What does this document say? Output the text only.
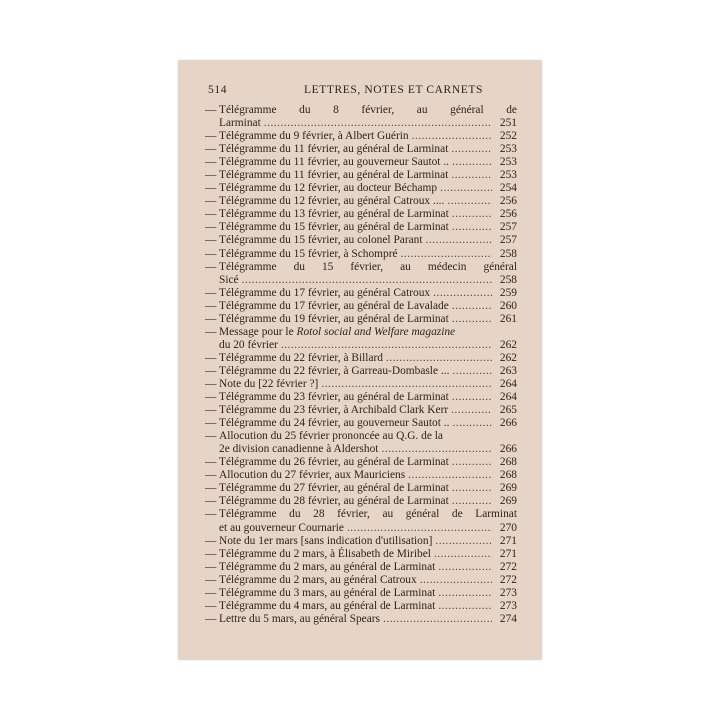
514	LETTRES, NOTES ET CARNETS
— Télégramme du 8 février, au général de
Larminat .....	251
— Télégramme du 9 février, à Albert Guérin .....	252
— Télégramme du 11 février, au général de Larminat .....	253
— Télégramme du 11 février, au gouverneur Sautot .. .....	253
— Télégramme du 11 février, au général de Larminat .....	253
— Télégramme du 12 février, au docteur Béchamp .....	254
— Télégramme du 12 février, au général Catroux .... .....	256
— Télégramme du 13 février, au général de Larminat .....	256
— Télégramme du 15 février, au général de Larminat .....	257
— Télégramme du 15 février, au colonel Parant .....	257
— Télégramme du 15 février, à Schompré .....	258
— Télégramme du 15 février, au médecin général
Sicé .....	258
— Télégramme du 17 février, au général Catroux .....	259
— Télégramme du 17 février, au général de Lavalade .....	260
— Télégramme du 19 février, au général de Larminat .....	261
— Message pour le Rotol social and Welfare magazine
du 20 février .....	262
— Télégramme du 22 février, à Billard .....	262
— Télégramme du 22 février, à Garreau-Dombasle ... .....	263
— Note du [22 février ?] .....	264
— Télégramme du 23 février, au général de Larminat .....	264
— Télégramme du 23 février, à Archibald Clark Kerr .....	265
— Télégramme du 24 février, au gouverneur Sautot .. .....	266
— Allocution du 25 février prononcée au Q.G. de la
2e division canadienne à Aldershot .....	266
— Télégramme du 26 février, au général de Larminat .....	268
— Allocution du 27 février, aux Mauriciens .....	268
— Télégramme du 27 février, au général de Larminat .....	269
— Télégramme du 28 février, au général de Larminat .....	269
— Télégramme du 28 février, au général de Larminat
et au gouverneur Cournarie .....	270
— Note du 1er mars [sans indication d'utilisation] .....	271
— Télégramme du 2 mars, à Élisabeth de Miribel .....	271
— Télégramme du 2 mars, au général de Larminat .....	272
— Télégramme du 2 mars, au général Catroux .....	272
— Télégramme du 3 mars, au général de Larminat .....	273
— Télégramme du 4 mars, au général de Larminat .....	273
— Lettre du 5 mars, au général Spears .....	274
